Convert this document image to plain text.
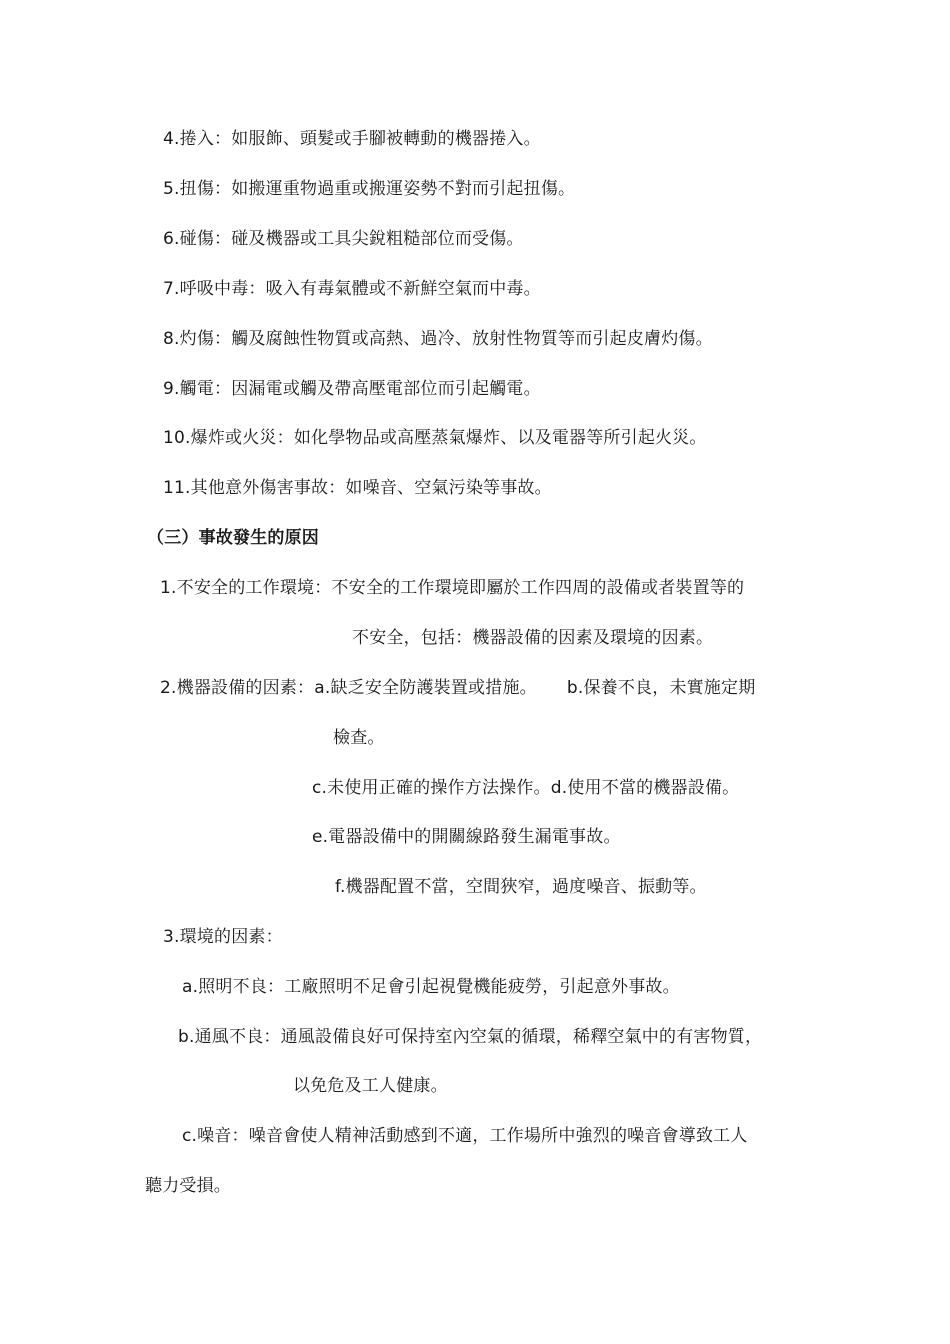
4.捲入：如服飾、頭髮或手腳被轉動的機器捲入。
5.扭傷：如搬運重物過重或搬運姿勢不對而引起扭傷。
6.碰傷：碰及機器或工具尖銳粗糙部位而受傷。
7.呼吸中毒：吸入有毒氣體或不新鮮空氣而中毒。
8.灼傷：觸及腐蝕性物質或高熱、過冷、放射性物質等而引起皮膚灼傷。
9.觸電：因漏電或觸及帶高壓電部位而引起觸電。
10.爆炸或火災：如化學物品或高壓蒸氣爆炸、以及電器等所引起火災。
11.其他意外傷害事故：如噪音、空氣污染等事故。
（三）事故發生的原因
1.不安全的工作環境：不安全的工作環境即屬於工作四周的設備或者裝置等的
不安全，包括：機器設備的因素及環境的因素。
2.機器設備的因素：a.缺乏安全防護裝置或措施。 b.保養不良，未實施定期
檢查。
c.未使用正確的操作方法操作。d.使用不當的機器設備。
e.電器設備中的開關線路發生漏電事故。
f.機器配置不當，空間狹窄，過度噪音、振動等。
3.環境的因素：
a.照明不良：工廠照明不足會引起視覺機能疲勞，引起意外事故。
b.通風不良：通風設備良好可保持室內空氣的循環，稀釋空氣中的有害物質，
以免危及工人健康。
c.噪音：噪音會使人精神活動感到不適，工作場所中強烈的噪音會導致工人
聽力受損。
